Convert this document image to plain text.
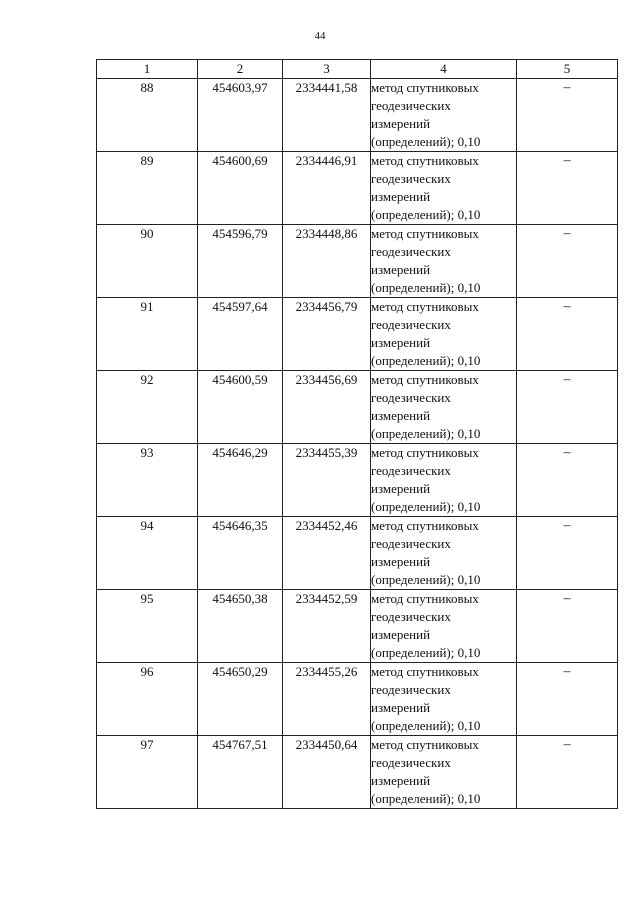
44
1	2	3	4	5
88	454603,97	2334441,58	метод спутниковых
геодезических
измерений
(определений); 0,10	–
89	454600,69	2334446,91	метод спутниковых
геодезических
измерений
(определений); 0,10	–
90	454596,79	2334448,86	метод спутниковых
геодезических
измерений
(определений); 0,10	–
91	454597,64	2334456,79	метод спутниковых
геодезических
измерений
(определений); 0,10	–
92	454600,59	2334456,69	метод спутниковых
геодезических
измерений
(определений); 0,10	–
93	454646,29	2334455,39	метод спутниковых
геодезических
измерений
(определений); 0,10	–
94	454646,35	2334452,46	метод спутниковых
геодезических
измерений
(определений); 0,10	–
95	454650,38	2334452,59	метод спутниковых
геодезических
измерений
(определений); 0,10	–
96	454650,29	2334455,26	метод спутниковых
геодезических
измерений
(определений); 0,10	–
97	454767,51	2334450,64	метод спутниковых
геодезических
измерений
(определений); 0,10	–
